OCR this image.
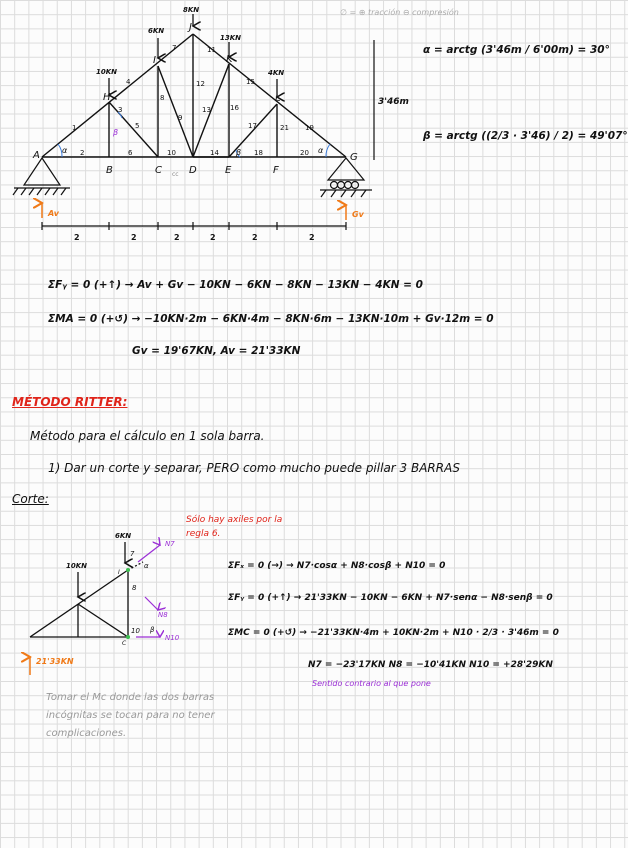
A
B	C	D	E	F
G
H
I
J
K
L
1
2
3
4
5
6
7
8
9
10
11
12
13
14
15
16
17
18
19
20
21
α	α
β
β
cc
10KN
6KN
8KN
13KN
4KN
Av	Gv
3'46m
2	2	2	2	2	2
6KN
10KN
N7
N8
N10
7
8
10
I
C
α
β
∅ = ⊕ tracción ⊖ compresión
α = arctg (3'46m / 6'00m) = 30°
β = arctg ((2/3 · 3'46) / 2) = 49'07°
ΣFᵧ = 0 (+↑) → Av + Gv − 10KN − 6KN − 8KN − 13KN − 4KN = 0
ΣMA = 0 (+↺) → −10KN·2m − 6KN·4m − 8KN·6m − 13KN·10m + Gv·12m = 0
Gv = 19'67KN, Av = 21'33KN
MÉTODO RITTER:
Método para el cálculo en 1 sola barra.
1) Dar un corte y separar, PERO como mucho puede pillar 3 BARRAS
Corte:
Sólo hay axiles por la regla 6.
ΣFₓ = 0 (→) → N7·cosα + N8·cosβ + N10 = 0
ΣFᵧ = 0 (+↑) → 21'33KN − 10KN − 6KN + N7·senα − N8·senβ = 0
ΣMC = 0 (+↺) → −21'33KN·4m + 10KN·2m + N10 · 2/3 · 3'46m = 0
N7 = −23'17KN N8 = −10'41KN N10 = +28'29KN
Sentido contrario al que pone
21'33KN
Tomar el Mc donde las dos barras incógnitas se tocan para no tener complicaciones.
